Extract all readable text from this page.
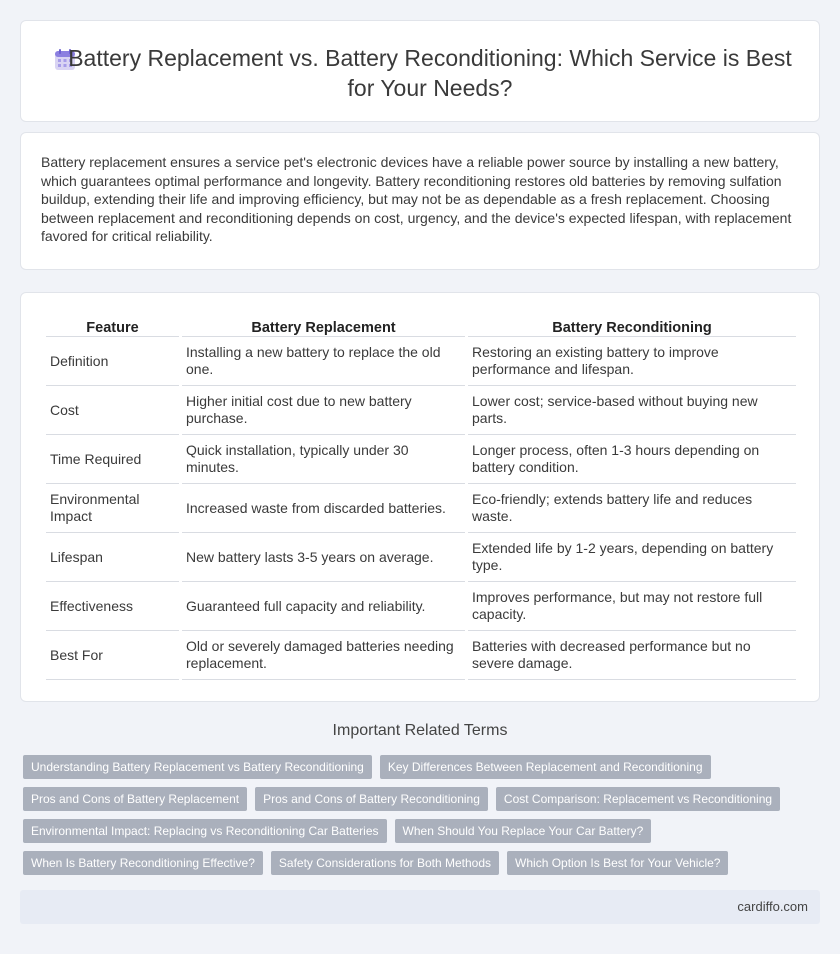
Battery Replacement vs. Battery Reconditioning: Which Service is Best for Your Needs?

Battery replacement ensures a service pet's electronic devices have a reliable power source by installing a new battery, which guarantees optimal performance and longevity. Battery reconditioning restores old batteries by removing sulfation buildup, extending their life and improving efficiency, but may not be as dependable as a fresh replacement. Choosing between replacement and reconditioning depends on cost, urgency, and the device's expected lifespan, with replacement favored for critical reliability.

Feature	Battery Replacement	Battery Reconditioning
Definition	Installing a new battery to replace the old one.	Restoring an existing battery to improve performance and lifespan.
Cost	Higher initial cost due to new battery purchase.	Lower cost; service-based without buying new parts.
Time Required	Quick installation, typically under 30 minutes.	Longer process, often 1-3 hours depending on battery condition.
Environmental Impact	Increased waste from discarded batteries.	Eco-friendly; extends battery life and reduces waste.
Lifespan	New battery lasts 3-5 years on average.	Extended life by 1-2 years, depending on battery type.
Effectiveness	Guaranteed full capacity and reliability.	Improves performance, but may not restore full capacity.
Best For	Old or severely damaged batteries needing replacement.	Batteries with decreased performance but no severe damage.
Important Related Terms
Understanding Battery Replacement vs Battery Reconditioning	Key Differences Between Replacement and Reconditioning
Pros and Cons of Battery Replacement	Pros and Cons of Battery Reconditioning	Cost Comparison: Replacement vs Reconditioning
Environmental Impact: Replacing vs Reconditioning Car Batteries	When Should You Replace Your Car Battery?
When Is Battery Reconditioning Effective?	Safety Considerations for Both Methods	Which Option Is Best for Your Vehicle?
cardiffo.com
